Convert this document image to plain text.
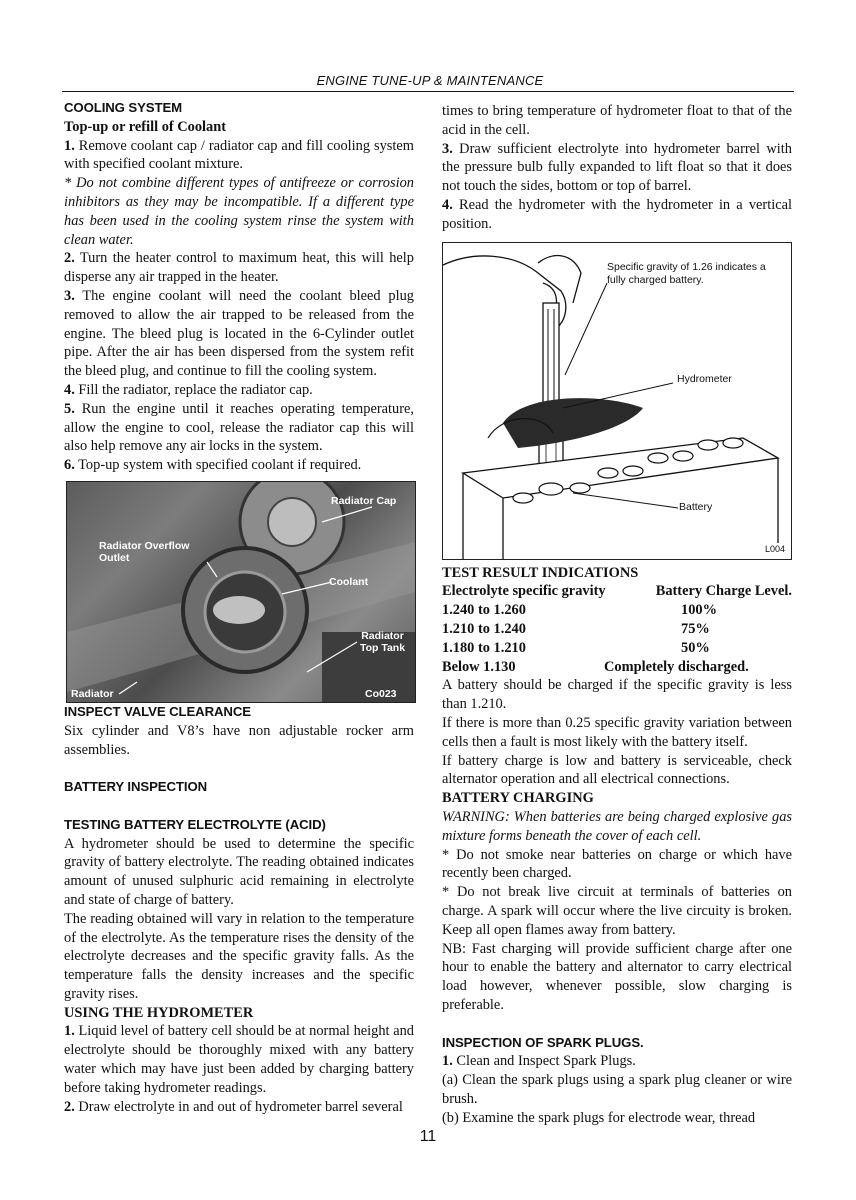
ENGINE TUNE-UP & MAINTENANCE

COOLING SYSTEM

Top-up or refill of Coolant

1. Remove coolant cap / radiator cap and fill cooling system with specified coolant mixture.

* Do not combine different types of antifreeze or corrosion inhibitors as they may be incompatible. If a different type has been used in the cooling system rinse the system with clean water.

2. Turn the heater control to maximum heat, this will help disperse any air trapped in the heater.

3. The engine coolant will need the coolant bleed plug removed to allow the air trapped to be released from the engine. The bleed plug is located in the 6-Cylinder outlet pipe. After the air has been dispersed from the system refit the bleed plug, and continue to fill the cooling system.

4. Fill the radiator, replace the radiator cap.

5. Run the engine until it reaches operating temperature, allow the engine to cool, release the radiator cap this will also help remove any air locks in the system.

6. Top-up system with specified coolant if required.

Radiator Cap
Radiator Overflow Outlet
Coolant
Radiator Top Tank
Radiator	Co023

INSPECT VALVE CLEARANCE

Six cylinder and V8’s have non adjustable rocker arm assemblies.

BATTERY INSPECTION

TESTING BATTERY ELECTROLYTE (ACID)

A hydrometer should be used to determine the specific gravity of battery electrolyte. The reading obtained indicates amount of unused sulphuric acid remaining in electrolyte and state of charge of battery.

The reading obtained will vary in relation to the temperature of the electrolyte. As the temperature rises the density of the electrolyte decreases and the specific gravity falls. As the temperature falls the density increases and the specific gravity rises.

USING THE HYDROMETER

1. Liquid level of battery cell should be at normal height and electrolyte should be thoroughly mixed with any battery water which may have just been added by charging battery before taking hydrometer readings.

2. Draw electrolyte in and out of hydrometer barrel several

times to bring temperature of hydrometer float to that of the acid in the cell.

3. Draw sufficient electrolyte into hydrometer barrel with the pressure bulb fully expanded to lift float so that it does not touch the sides, bottom or top of barrel.

4. Read the hydrometer with the hydrometer in a vertical position.

Specific gravity of 1.26 indicates a fully charged battery.
Hydrometer
Battery
L004

TEST RESULT INDICATIONS

Electrolyte specific gravity	Battery Charge Level.
1.240 to 1.260	100%
1.210 to 1.240	75%
1.180 to 1.210	50%

Below 1.130	Completely discharged.

A battery should be charged if the specific gravity is less than 1.210.

If there is more than 0.25 specific gravity variation between cells then a fault is most likely with the battery itself.

If battery charge is low and battery is serviceable, check alternator operation and all electrical connections.

BATTERY CHARGING

WARNING: When batteries are being charged explosive gas mixture forms beneath the cover of each cell.

* Do not smoke near batteries on charge or which have recently been charged.

* Do not break live circuit at terminals of batteries on charge. A spark will occur where the live circuity is broken. Keep all open flames away from battery.

NB: Fast charging will provide sufficient charge after one hour to enable the battery and alternator to carry electrical load however, whenever possible, slow charging is preferable.

INSPECTION OF SPARK PLUGS.

1. Clean and Inspect Spark Plugs.

(a) Clean the spark plugs using a spark plug cleaner or wire brush.

(b) Examine the spark plugs for electrode wear, thread

11
